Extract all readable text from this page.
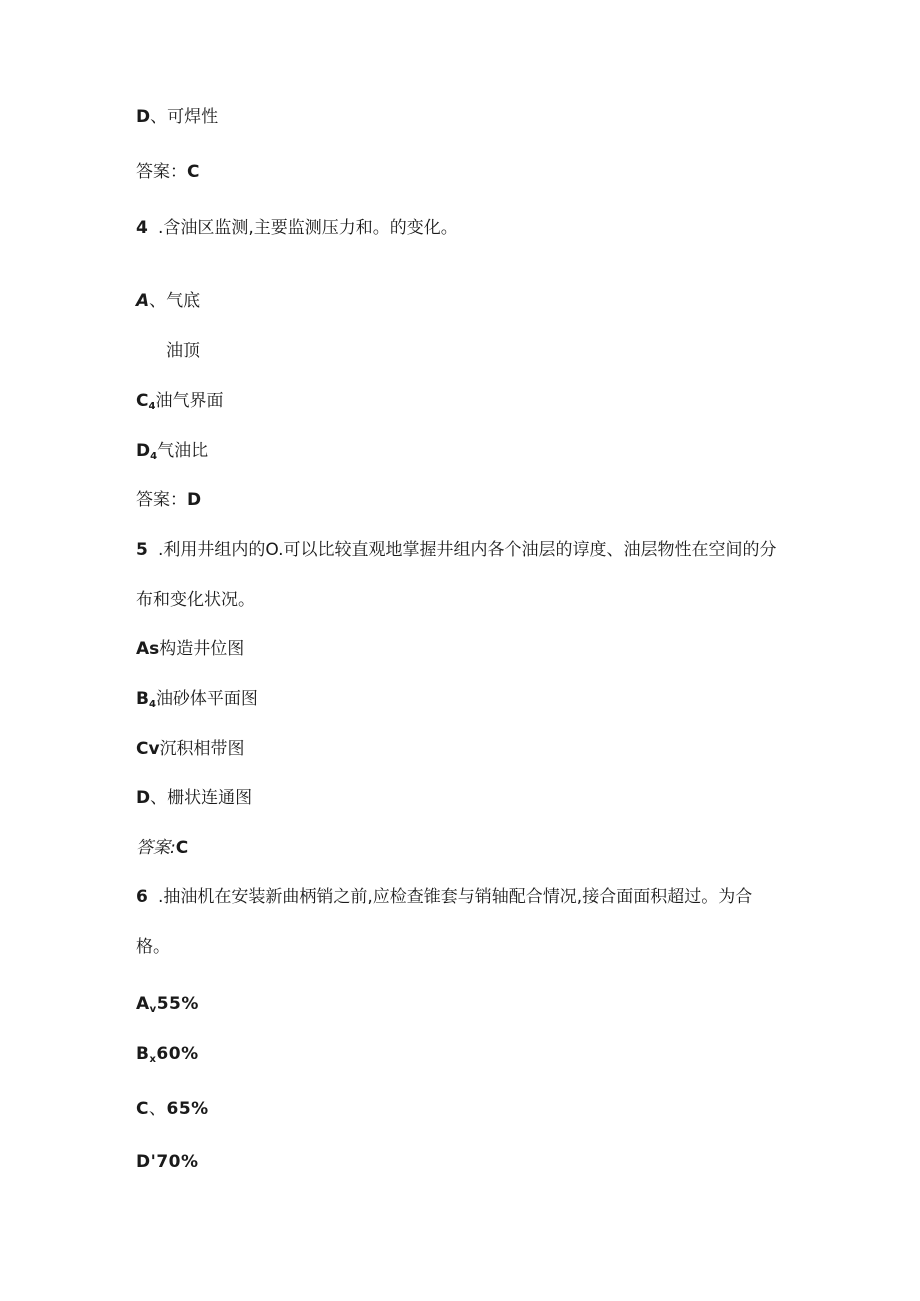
D、可焊性
答案：C
4 .含油区监测,主要监测压力和。的变化。
A、气底
油顶
$C_4$油气界面
$D_4$气油比
答案：D
5 .利用井组内的O.可以比较直观地掌握井组内各个油层的谆度、油层物性在空间的分
布和变化状况。
As构造井位图
$B_4$油砂体平面图
Cv沉积相带图
D、栅状连通图
答案:C
6 .抽油机在安装新曲柄销之前,应检查锥套与销轴配合情况,接合面面积超过。为合
格。
$A_v55\%$
$B_x60\%$
C、65%
D'70%
